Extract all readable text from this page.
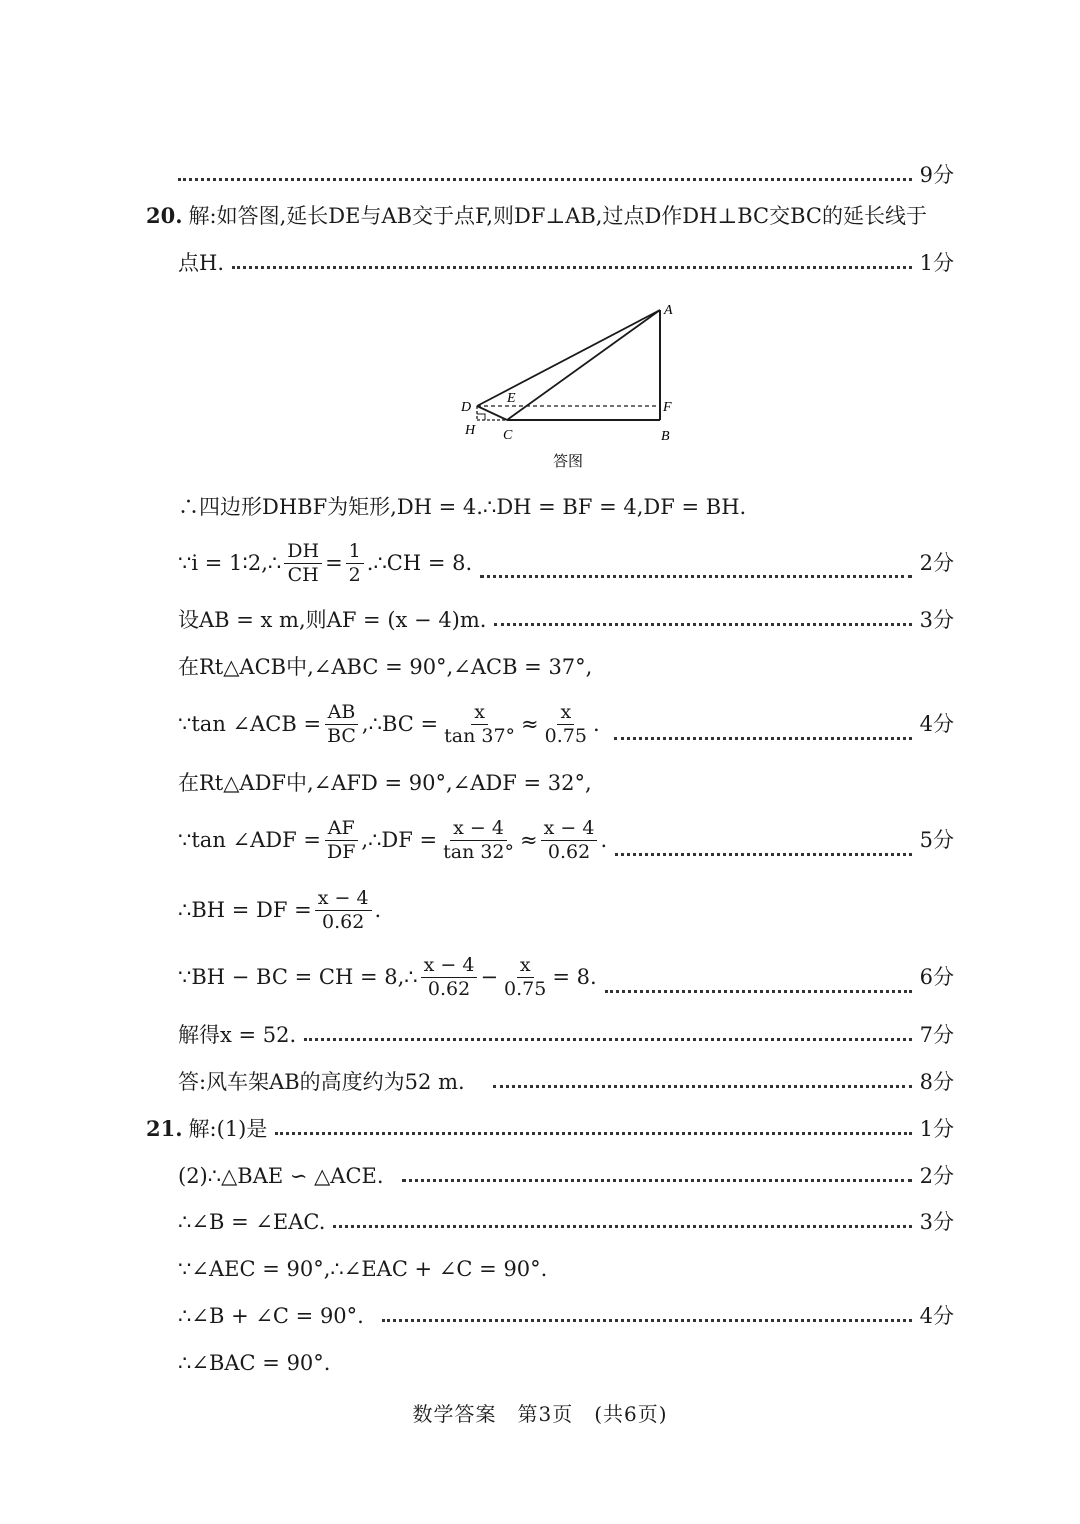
9分
20. 解:如答图,延长DE与AB交于点F,则DF⊥AB,过点D作DH⊥BC交BC的延长线于
点H.	1分
A
B
C
D
E
F
H
答图
∴四边形DHBF为矩形,DH = 4.∴DH = BF = 4,DF = BH.
∵i = 1∶2,∴ $\frac{DH}{CH} = \frac{1}{2}$ .∴CH = 8.	2分
设AB = x m,则AF = (x − 4)m.	3分
在Rt△ACB中,∠ABC = 90°,∠ACB = 37°,
∵tan ∠ACB = $\frac{AB}{BC}$ ,∴BC = $\frac{x}{\tan 37^\circ} \approx \frac{x}{0.75}$ .	4分
在Rt△ADF中,∠AFD = 90°,∠ADF = 32°,
∵tan ∠ADF = $\frac{AF}{DF}$ ,∴DF = $\frac{x - 4}{\tan 32^\circ} \approx \frac{x - 4}{0.62}$ .	5分
∴BH = DF = $\frac{x - 4}{0.62}$ .
∵BH − BC = CH = 8,∴ $\frac{x - 4}{0.62} - \frac{x}{0.75} = 8$.	6分
解得x = 52.	7分
答:风车架AB的高度约为52 m.	8分
21. 解:(1)是	1分
(2)∴△BAE ∽ △ACE.	2分
∴∠B = ∠EAC.	3分
∵∠AEC = 90°,∴∠EAC + ∠C = 90°.
∴∠B + ∠C = 90°.	4分
∴∠BAC = 90°.
数学答案　第3页　(共6页)
